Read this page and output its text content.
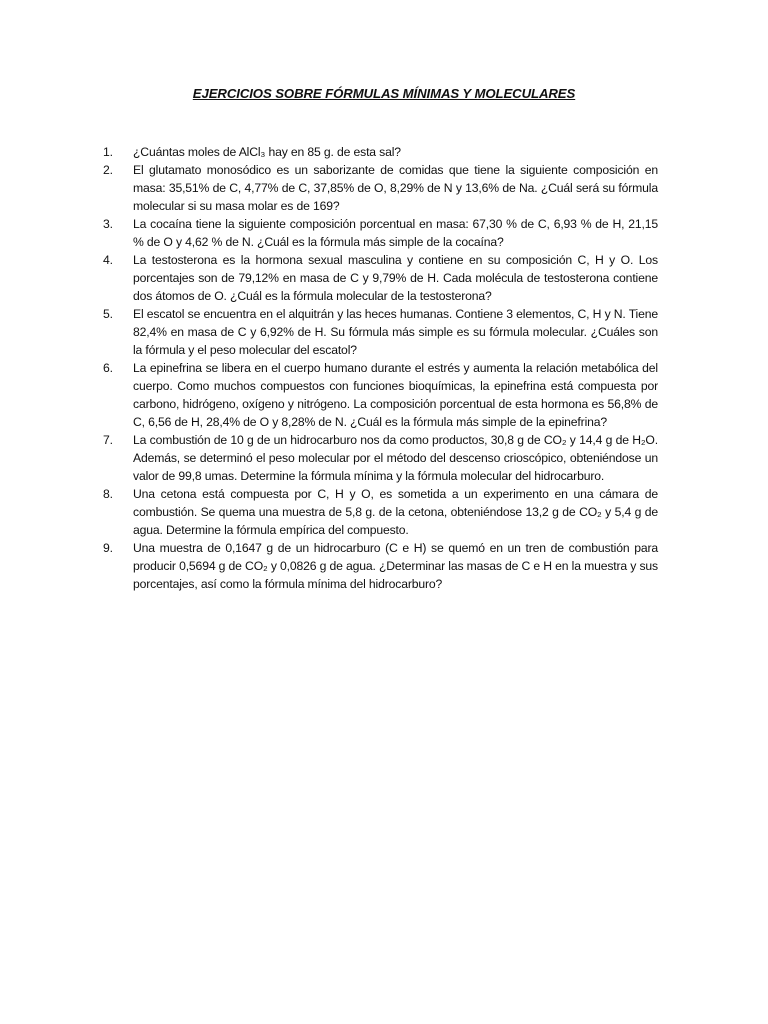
EJERCICIOS SOBRE FÓRMULAS MÍNIMAS Y MOLECULARES
1.	¿Cuántas moles de AlCl₃ hay en 85 g. de esta sal?
2.	El glutamato monosódico es un saborizante de comidas que tiene la siguiente composición en masa: 35,51% de C, 4,77% de C, 37,85% de O, 8,29% de N y 13,6% de Na. ¿Cuál será su fórmula molecular si su masa molar es de 169?
3.	La cocaína tiene la siguiente composición porcentual en masa: 67,30 % de C, 6,93 % de H, 21,15 % de O y 4,62 % de N. ¿Cuál es la fórmula más simple de la cocaína?
4.	La testosterona es la hormona sexual masculina y contiene en su composición C, H y O. Los porcentajes son de 79,12% en masa de C y 9,79% de H. Cada molécula de testosterona contiene dos átomos de O. ¿Cuál es la fórmula molecular de la testosterona?
5.	El escatol se encuentra en el alquitrán y las heces humanas. Contiene 3 elementos, C, H y N. Tiene 82,4% en masa de C y 6,92% de H. Su fórmula más simple es su fórmula molecular. ¿Cuáles son la fórmula y el peso molecular del escatol?
6.	La epinefrina se libera en el cuerpo humano durante el estrés y aumenta la relación metabólica del cuerpo. Como muchos compuestos con funciones bioquímicas, la epinefrina está compuesta por carbono, hidrógeno, oxígeno y nitrógeno. La composición porcentual de esta hormona es 56,8% de C, 6,56 de H, 28,4% de O y 8,28% de N. ¿Cuál es la fórmula más simple de la epinefrina?
7.	La combustión de 10 g de un hidrocarburo nos da como productos, 30,8 g de CO₂ y 14,4 g de H₂O. Además, se determinó el peso molecular por el método del descenso crioscópico, obteniéndose un valor de 99,8 umas. Determine la fórmula mínima y la fórmula molecular del hidrocarburo.
8.	Una cetona está compuesta por C, H y O, es sometida a un experimento en una cámara de combustión. Se quema una muestra de 5,8 g. de la cetona, obteniéndose 13,2 g de CO₂ y 5,4 g de agua. Determine la fórmula empírica del compuesto.
9.	Una muestra de 0,1647 g de un hidrocarburo (C e H) se quemó en un tren de combustión para producir 0,5694 g de CO₂ y 0,0826 g de agua. ¿Determinar las masas de C e H en la muestra y sus porcentajes, así como la fórmula mínima del hidrocarburo?
